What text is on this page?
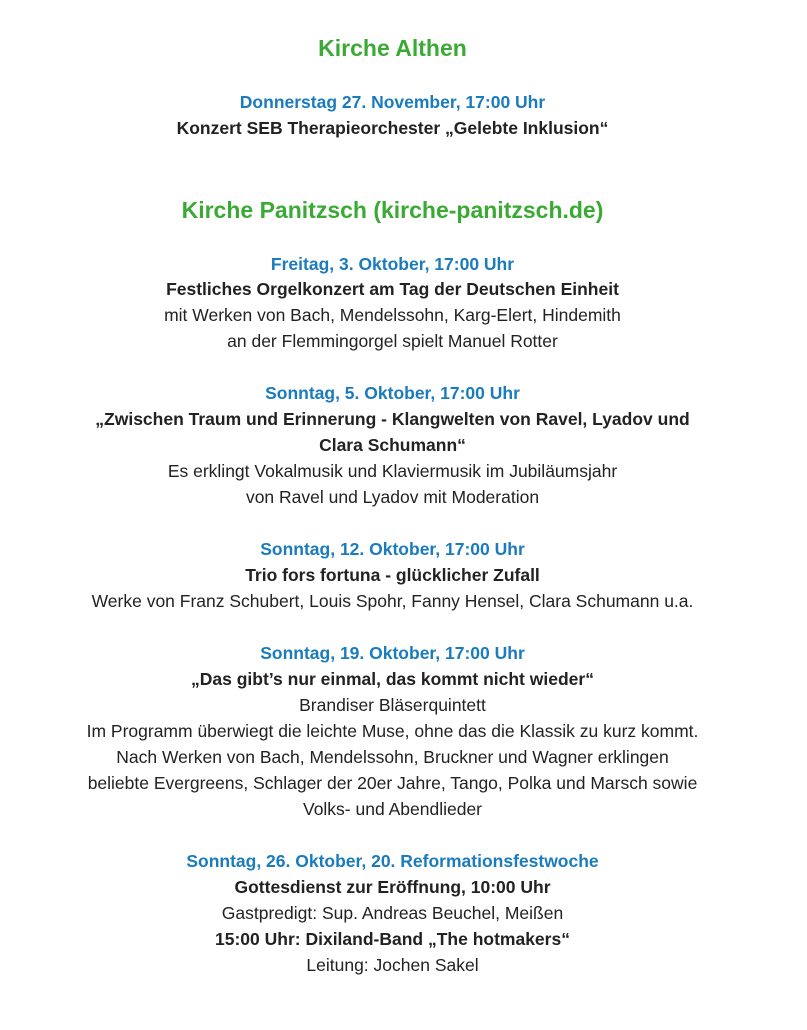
Kirche Althen
Donnerstag 27. November, 17:00 Uhr
Konzert SEB Therapieorchester „Gelebte Inklusion“
Kirche Panitzsch (kirche-panitzsch.de)
Freitag, 3. Oktober, 17:00 Uhr
Festliches Orgelkonzert am Tag der Deutschen Einheit
mit Werken von Bach, Mendelssohn, Karg-Elert, Hindemith
an der Flemmingorgel spielt Manuel Rotter
Sonntag, 5. Oktober, 17:00 Uhr
„Zwischen Traum und Erinnerung - Klangwelten von Ravel, Lyadov und
Clara Schumann“
Es erklingt Vokalmusik und Klaviermusik im Jubiläumsjahr
von Ravel und Lyadov mit Moderation
Sonntag, 12. Oktober, 17:00 Uhr
Trio fors fortuna - glücklicher Zufall
Werke von Franz Schubert, Louis Spohr, Fanny Hensel, Clara Schumann u.a.
Sonntag, 19. Oktober, 17:00 Uhr
„Das gibt’s nur einmal, das kommt nicht wieder“
Brandiser Bläserquintett
Im Programm überwiegt die leichte Muse, ohne das die Klassik zu kurz kommt.
Nach Werken von Bach, Mendelssohn, Bruckner und Wagner erklingen
beliebte Evergreens, Schlager der 20er Jahre, Tango, Polka und Marsch sowie
Volks- und Abendlieder
Sonntag, 26. Oktober, 20. Reformationsfestwoche
Gottesdienst zur Eröffnung, 10:00 Uhr
Gastpredigt: Sup. Andreas Beuchel, Meißen
15:00 Uhr: Dixiland-Band „The hotmakers“
Leitung: Jochen Sakel
